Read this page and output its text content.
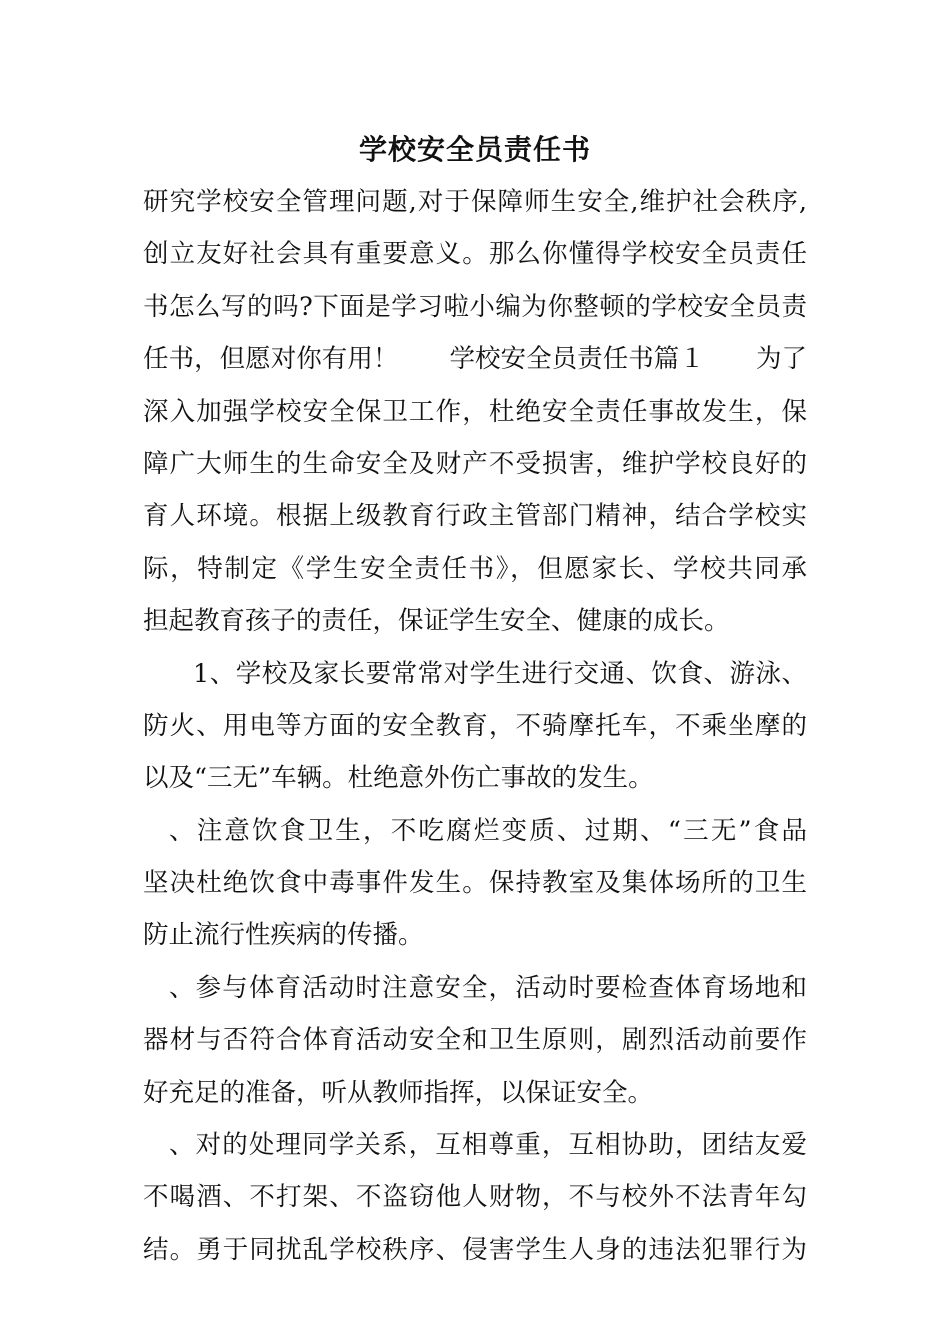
学校安全员责任书
研究学校安全管理问题,对于保障师生安全,维护社会秩序,
创立友好社会具有重要意义。那么你懂得学校安全员责任
书怎么写的吗?下面是学习啦小编为你整顿的学校安全员责
任书，但愿对你有用！　　学校安全员责任书篇１　　为了
深入加强学校安全保卫工作，杜绝安全责任事故发生，保
障广大师生的生命安全及财产不受损害，维护学校良好的
育人环境。根据上级教育行政主管部门精神，结合学校实
际，特制定《学生安全责任书》，但愿家长、学校共同承
担起教育孩子的责任，保证学生安全、健康的成长。
1、学校及家长要常常对学生进行交通、饮食、游泳、
防火、用电等方面的安全教育，不骑摩托车，不乘坐摩的
以及“三无”车辆。杜绝意外伤亡事故的发生。
、注意饮食卫生，不吃腐烂变质、过期、“三无”食品
坚决杜绝饮食中毒事件发生。保持教室及集体场所的卫生
防止流行性疾病的传播。
、参与体育活动时注意安全，活动时要检查体育场地和
器材与否符合体育活动安全和卫生原则，剧烈活动前要作
好充足的准备，听从教师指挥，以保证安全。
、对的处理同学关系，互相尊重，互相协助，团结友爱
不喝酒、不打架、不盗窃他人财物，不与校外不法青年勾
结。勇于同扰乱学校秩序、侵害学生人身的违法犯罪行为
